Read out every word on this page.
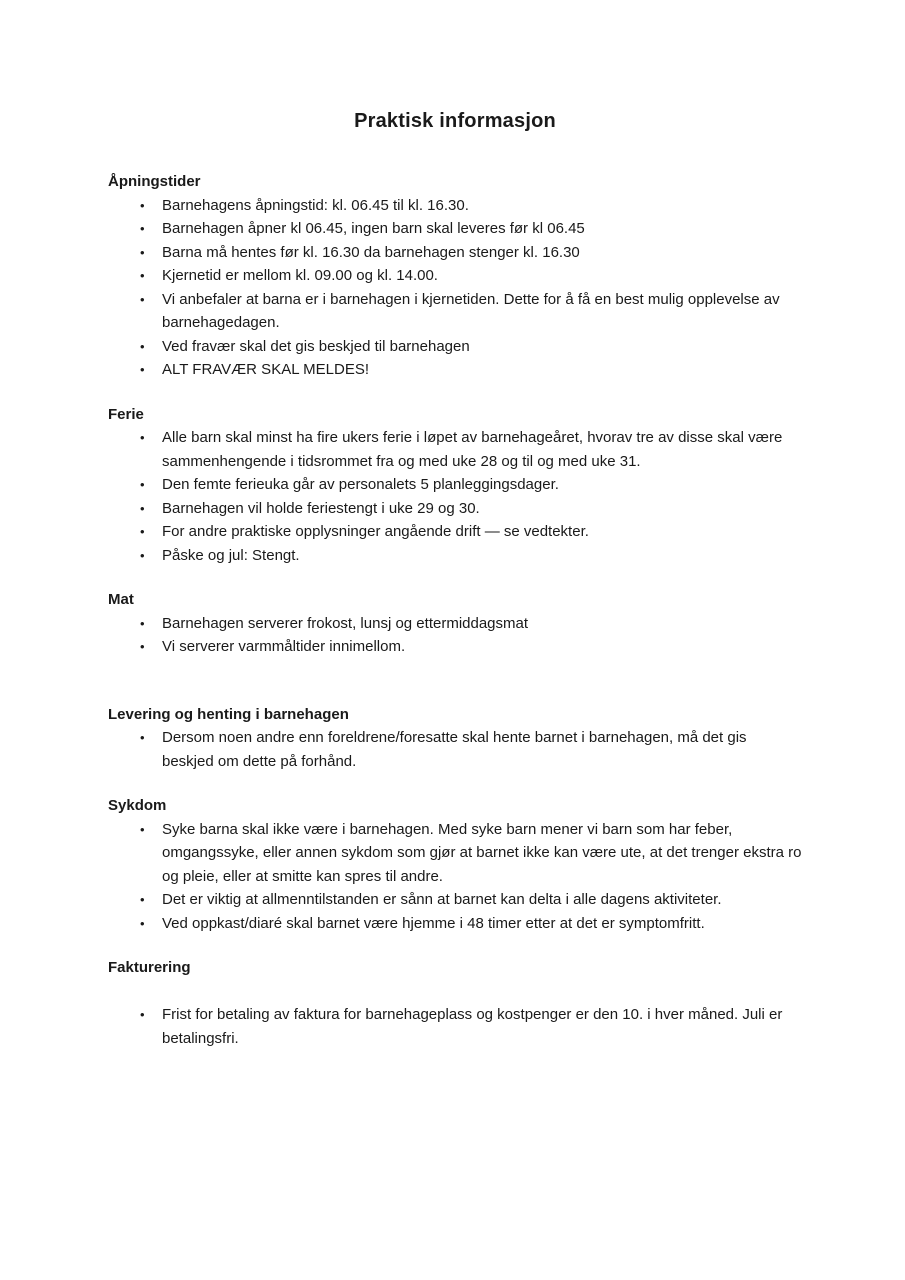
Praktisk informasjon
Åpningstider
•	Barnehagens åpningstid: kl. 06.45 til kl. 16.30.
•	Barnehagen åpner kl 06.45, ingen barn skal leveres før kl 06.45
•	Barna må hentes før kl. 16.30 da barnehagen stenger kl. 16.30
•	Kjernetid er mellom kl. 09.00 og kl. 14.00.
•	Vi anbefaler at barna er i barnehagen i kjernetiden. Dette for å få en best mulig opplevelse av barnehagedagen.
•	Ved fravær skal det gis beskjed til barnehagen
•	ALT FRAVÆR SKAL MELDES!
Ferie
•	Alle barn skal minst ha fire ukers ferie i løpet av barnehageåret, hvorav tre av disse skal være sammenhengende i tidsrommet fra og med uke 28 og til og med uke 31.
•	Den femte ferieuka går av personalets 5 planleggingsdager.
•	Barnehagen vil holde feriestengt i uke 29 og 30.
•	For andre praktiske opplysninger angående drift — se vedtekter.
•	Påske og jul: Stengt.
Mat
•	Barnehagen serverer frokost, lunsj og ettermiddagsmat
•	Vi serverer varmmåltider innimellom.
Levering og henting i barnehagen
•	Dersom noen andre enn foreldrene/foresatte skal hente barnet i barnehagen, må det gis beskjed om dette på forhånd.
Sykdom
•	Syke barna skal ikke være i barnehagen. Med syke barn mener vi barn som har feber, omgangssyke, eller annen sykdom som gjør at barnet ikke kan være ute, at det trenger ekstra ro og pleie, eller at smitte kan spres til andre.
•	Det er viktig at allmenntilstanden er sånn at barnet kan delta i alle dagens aktiviteter.
•	Ved oppkast/diaré skal barnet være hjemme i 48 timer etter at det er symptomfritt.
Fakturering
•	Frist for betaling av faktura for barnehageplass og kostpenger er den 10. i hver måned. Juli er betalingsfri.
